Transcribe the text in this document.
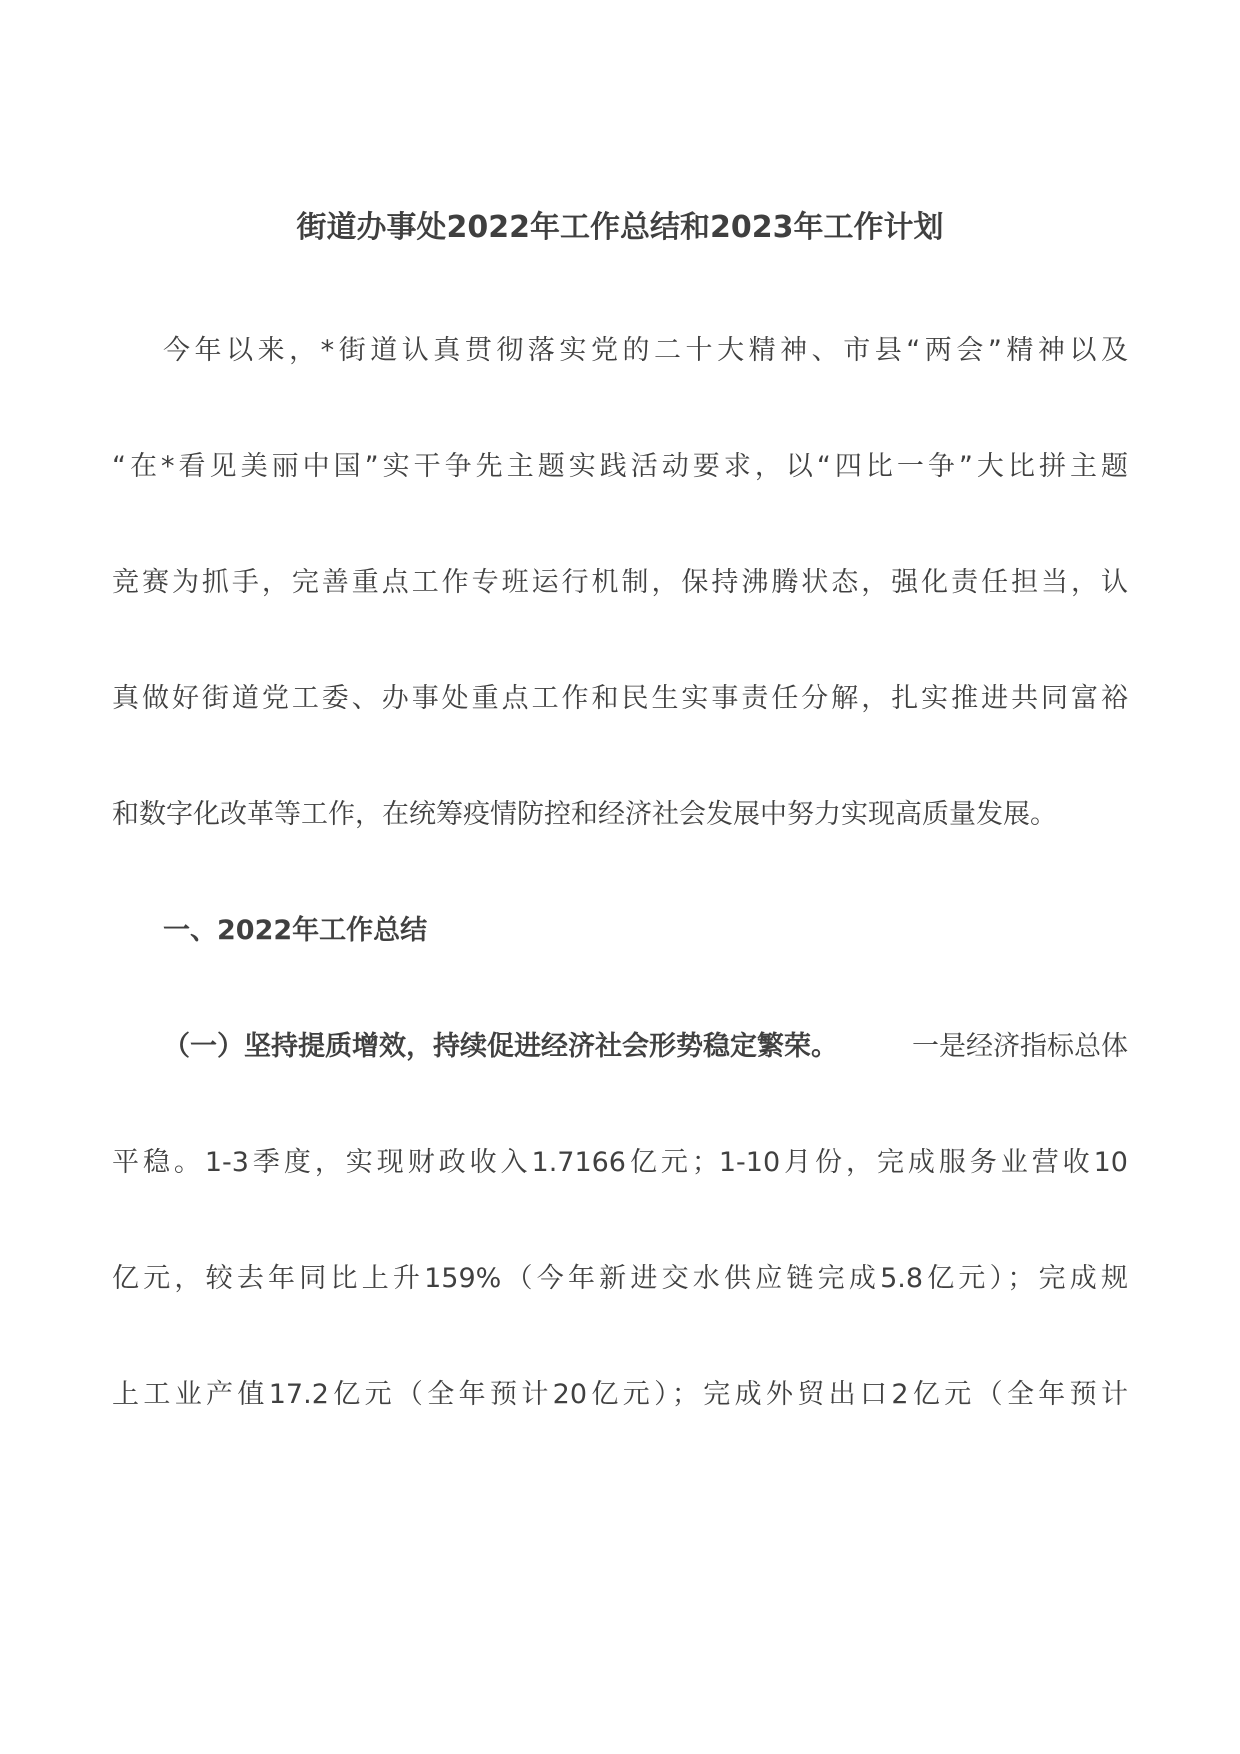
街道办事处2022年工作总结和2023年工作计划
今年以来，*街道认真贯彻落实党的二十大精神、市县“两会”精神以及
“在*看见美丽中国”实干争先主题实践活动要求，以“四比一争”大比拼主题
竞赛为抓手，完善重点工作专班运行机制，保持沸腾状态，强化责任担当，认
真做好街道党工委、办事处重点工作和民生实事责任分解，扎实推进共同富裕
和数字化改革等工作，在统筹疫情防控和经济社会发展中努力实现高质量发展。
一、2022年工作总结
（一）坚持提质增效，持续促进经济社会形势稳定繁荣。	一是经济指标总体
平稳。1-3季度，实现财政收入1.7166亿元；1-10月份，完成服务业营收10
亿元，较去年同比上升159%（今年新进交水供应链完成5.8亿元）；完成规
上工业产值17.2亿元（全年预计20亿元）；完成外贸出口2亿元（全年预计
